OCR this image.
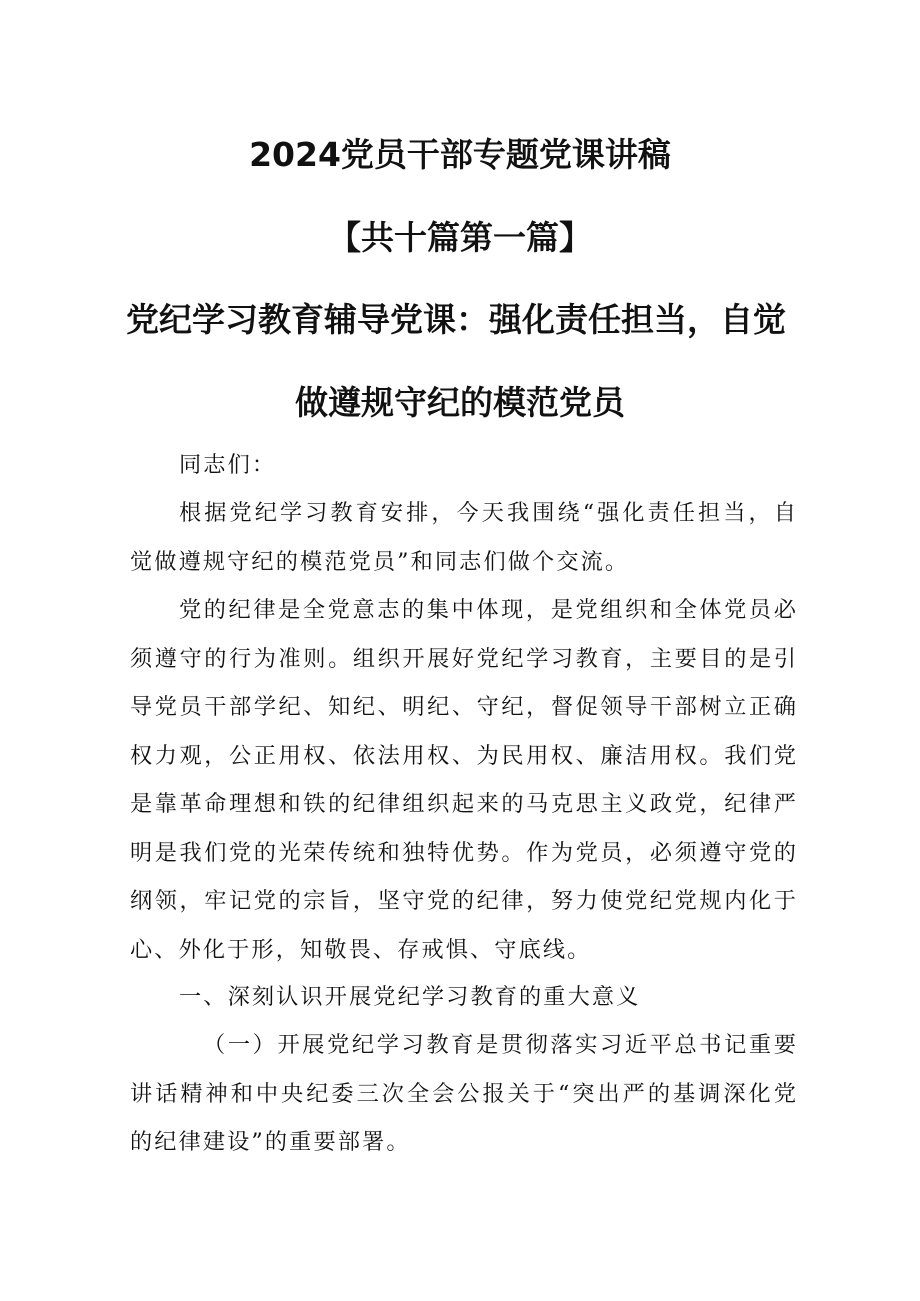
2024党员干部专题党课讲稿
【共十篇第一篇】
党纪学习教育辅导党课：强化责任担当，自觉
做遵规守纪的模范党员
同志们：
根据党纪学习教育安排，今天我围绕“强化责任担当，自觉做遵规守纪的模范党员”和同志们做个交流。
党的纪律是全党意志的集中体现，是党组织和全体党员必须遵守的行为准则。组织开展好党纪学习教育，主要目的是引导党员干部学纪、知纪、明纪、守纪，督促领导干部树立正确权力观，公正用权、依法用权、为民用权、廉洁用权。我们党是靠革命理想和铁的纪律组织起来的马克思主义政党，纪律严明是我们党的光荣传统和独特优势。作为党员，必须遵守党的纲领，牢记党的宗旨，坚守党的纪律，努力使党纪党规内化于心、外化于形，知敬畏、存戒惧、守底线。
一、深刻认识开展党纪学习教育的重大意义
（一）开展党纪学习教育是贯彻落实习近平总书记重要讲话精神和中央纪委三次全会公报关于“突出严的基调深化党的纪律建设”的重要部署。
